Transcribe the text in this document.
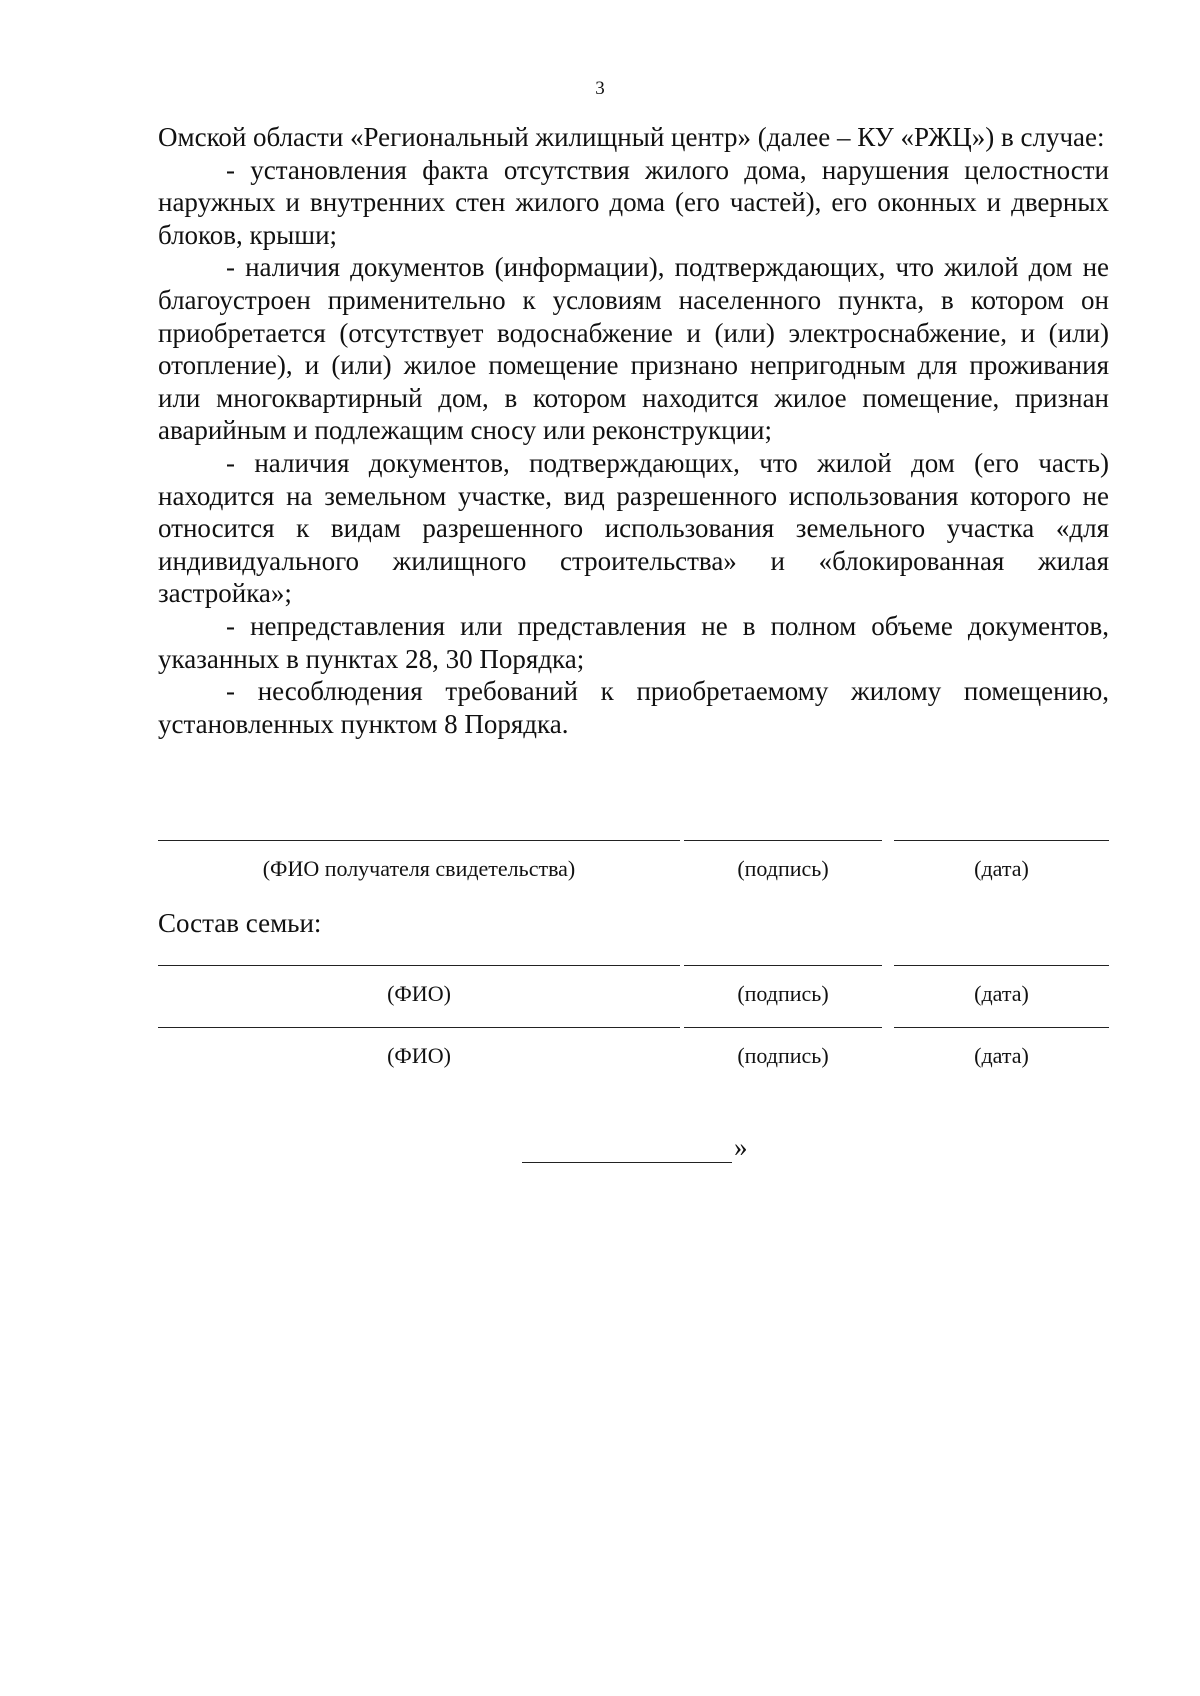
3

Омской области «Региональный жилищный центр» (далее – КУ «РЖЦ») в случае:

- установления факта отсутствия жилого дома, нарушения целостности наружных и внутренних стен жилого дома (его частей), его оконных и дверных блоков, крыши;

- наличия документов (информации), подтверждающих, что жилой дом не благоустроен применительно к условиям населенного пункта, в котором он приобретается (отсутствует водоснабжение и (или) электроснабжение, и (или) отопление), и (или) жилое помещение признано непригодным для проживания или многоквартирный дом, в котором находится жилое помещение, признан аварийным и подлежащим сносу или реконструкции;

- наличия документов, подтверждающих, что жилой дом (его часть) находится на земельном участке, вид разрешенного использования которого не относится к видам разрешенного использования земельного участка «для индивидуального жилищного строительства» и «блокированная жилая застройка»;

- непредставления или представления не в полном объеме документов, указанных в пунктах 28, 30 Порядка;

- несоблюдения требований к приобретаемому жилому помещению, установленных пунктом 8 Порядка.

(ФИО получателя свидетельства)	(подпись)	(дата)
Состав семьи:
(ФИО)	(подпись)	(дата)
(ФИО)	(подпись)	(дата)
»
